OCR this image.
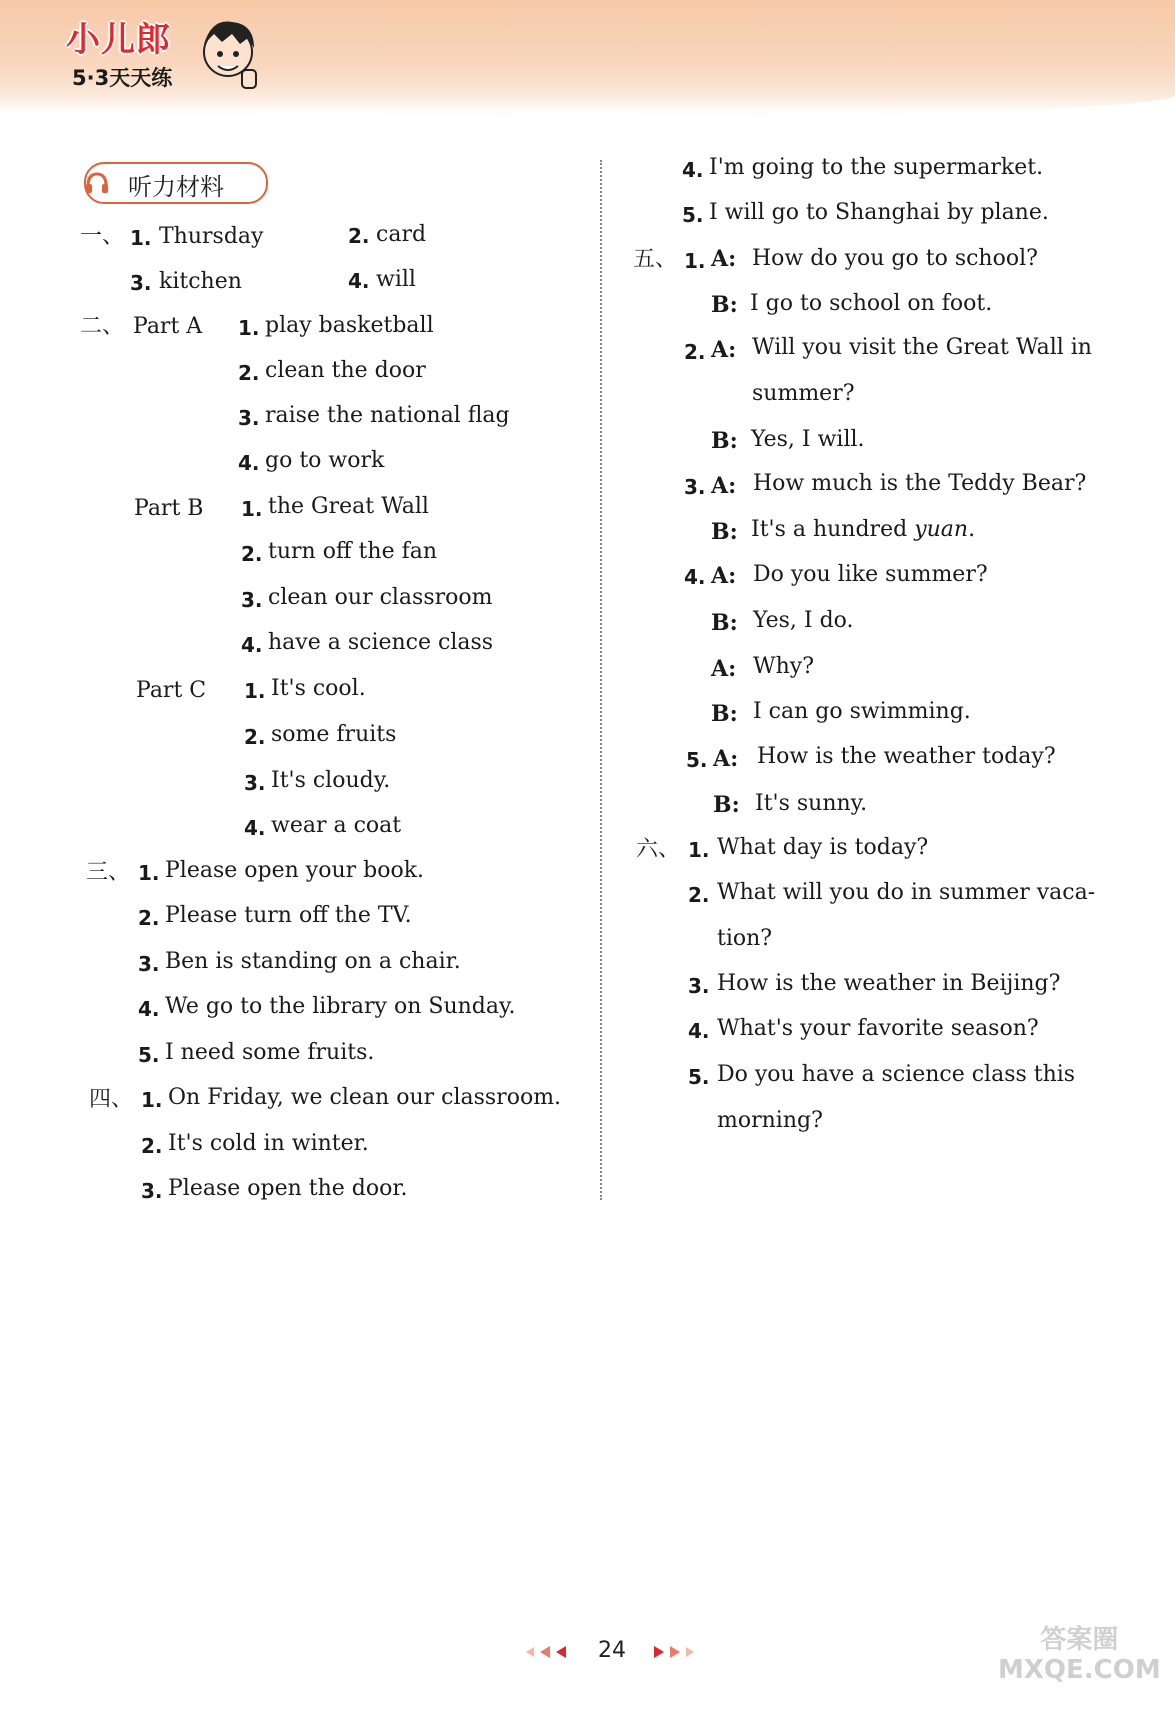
小儿郎
5·3天天练
听力材料
一、 1. Thursday	2. card
3. kitchen	4. will
二、 Part A 1. play basketball
2. clean the door
3. raise the national flag
4. go to work
Part B 1. the Great Wall
2. turn off the fan
3. clean our classroom
4. have a science class
Part C 1. It's cool.
2. some fruits
3. It's cloudy.
4. wear a coat
三、 1. Please open your book.
2. Please turn off the TV.
3. Ben is standing on a chair.
4. We go to the library on Sunday.
5. I need some fruits.
四、 1. On Friday, we clean our classroom.
2. It's cold in winter.
3. Please open the door.
4. I'm going to the supermarket.
5. I will go to Shanghai by plane.
五、 1. A: How do you go to school?
B: I go to school on foot.
2. A: Will you visit the Great Wall in
summer?
B: Yes, I will.
3. A: How much is the Teddy Bear?
B: It's a hundred yuan.
4. A: Do you like summer?
B: Yes, I do.
A: Why?
B: I can go swimming.
5. A: How is the weather today?
B: It's sunny.
六、 1. What day is today?
2. What will you do in summer vaca-
tion?
3. How is the weather in Beijing?
4. What's your favorite season?
5. Do you have a science class this
morning?
24	答案圈
MXQE.COM
